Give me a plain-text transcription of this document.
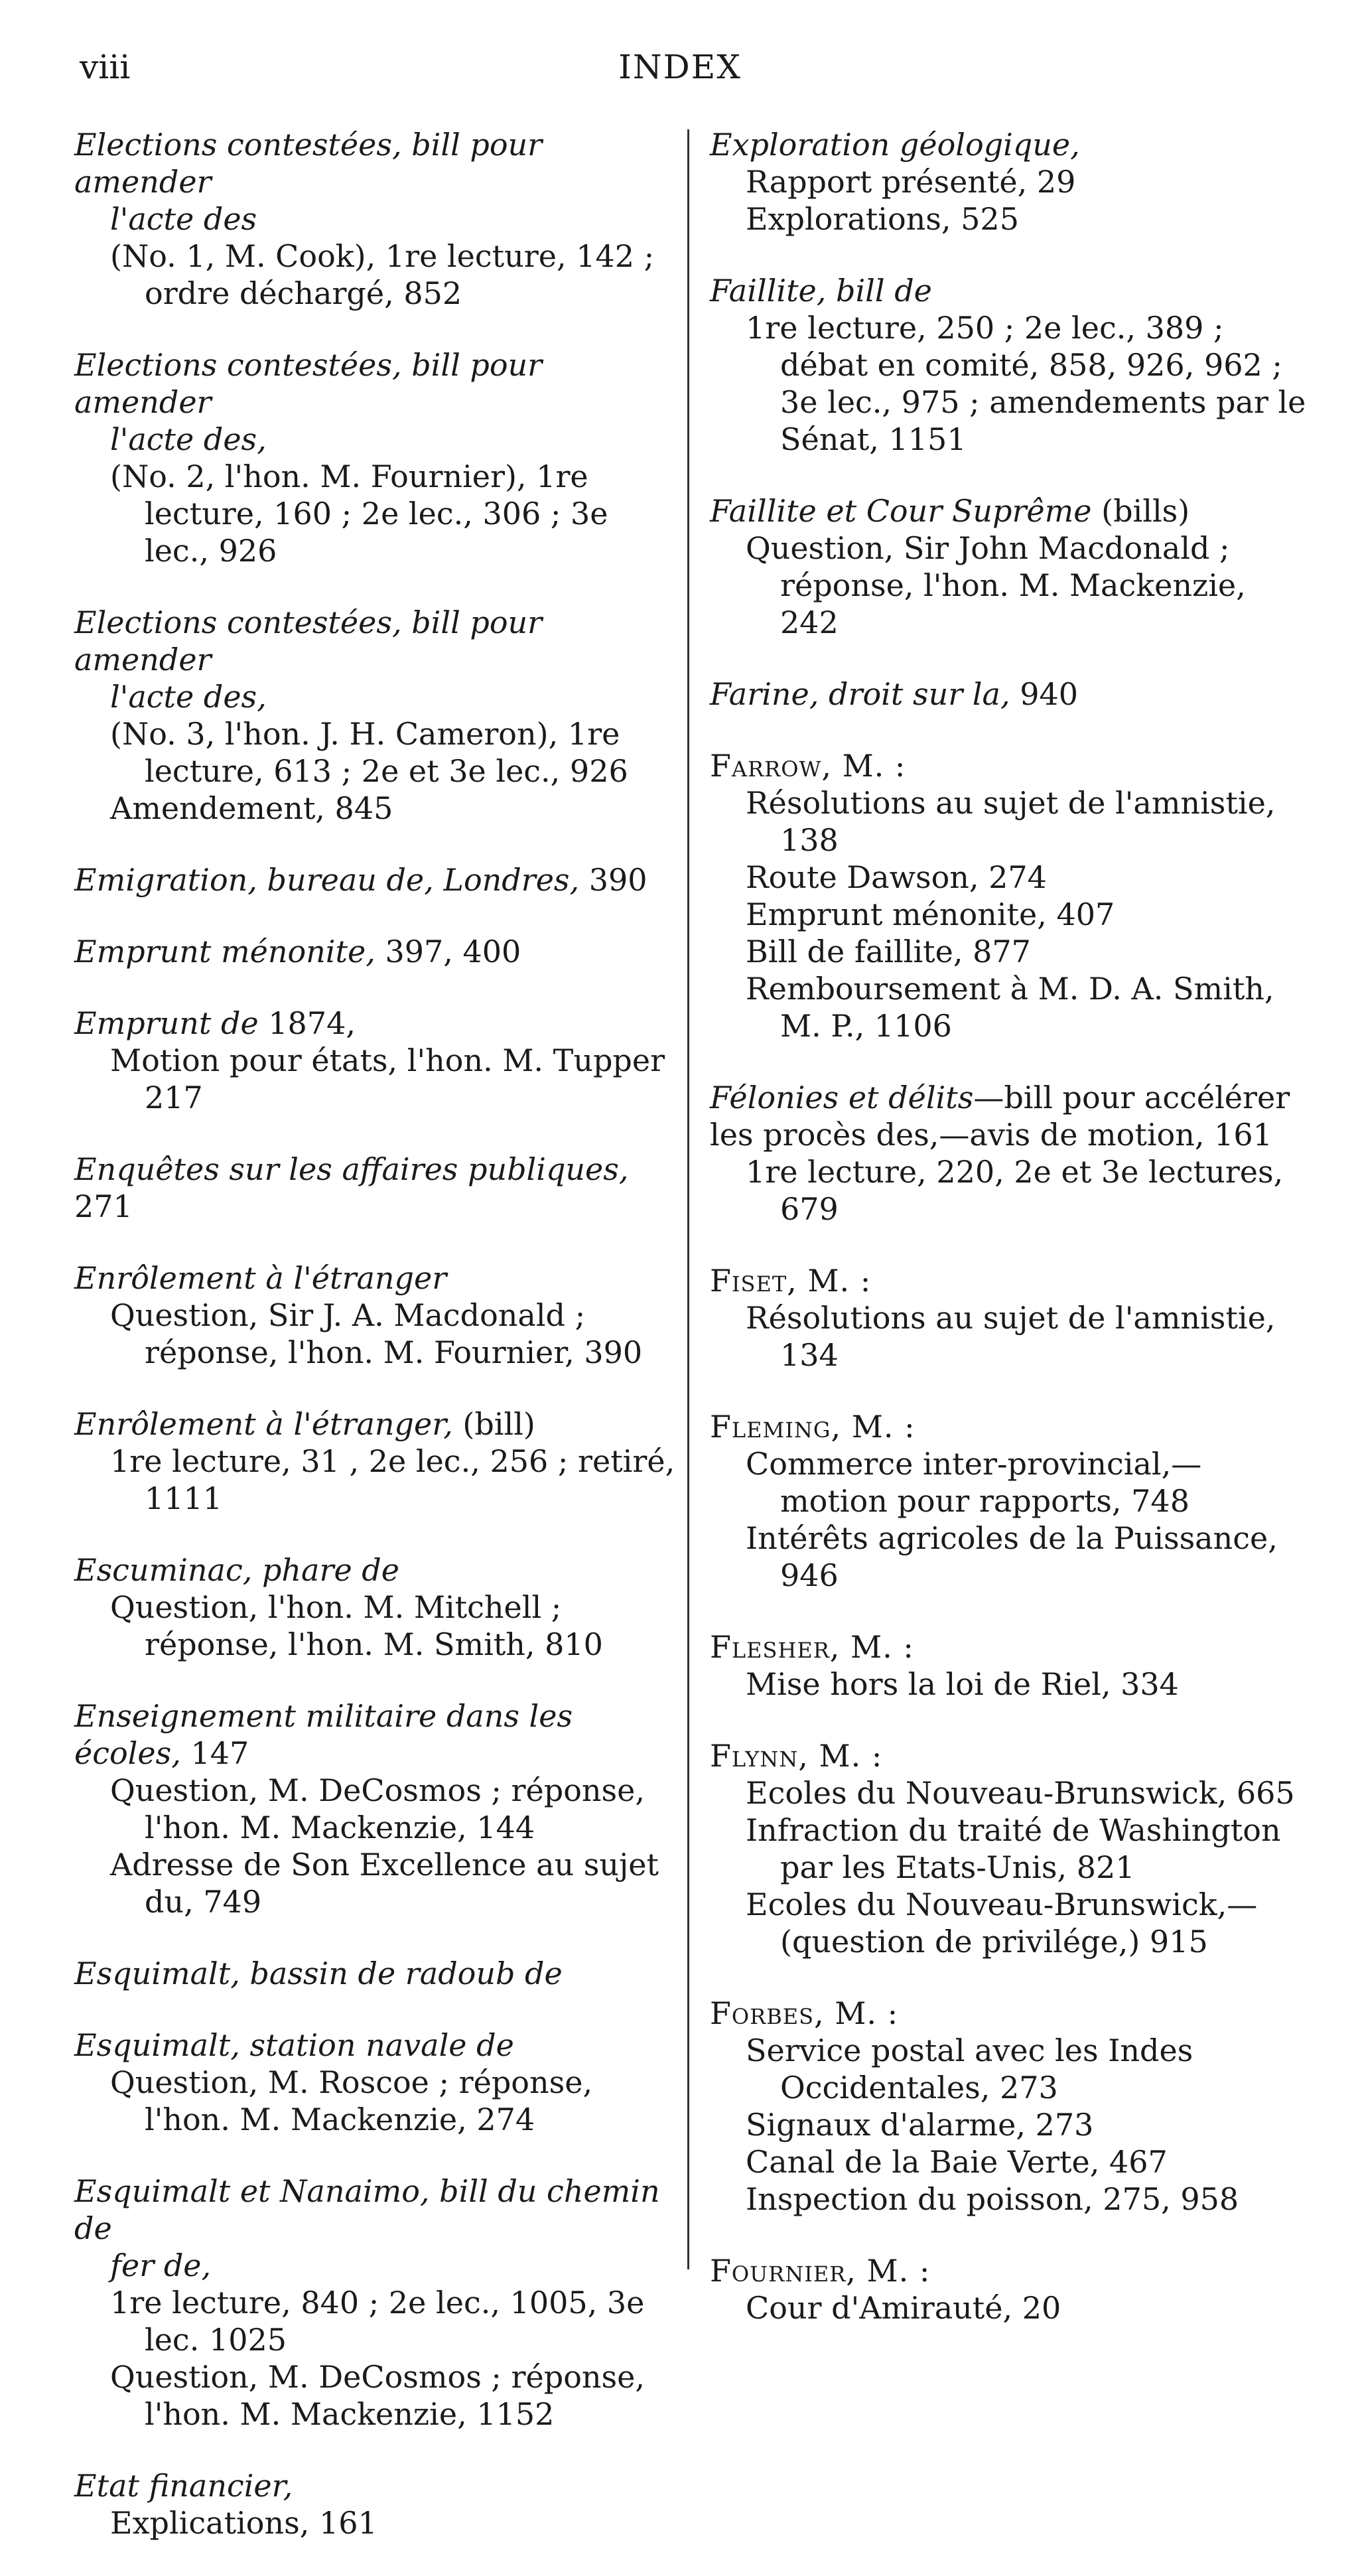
viii	INDEX
Elections contestées, bill pour amender
l'acte des
(No. 1, M. Cook), 1re lecture, 142 ; ordre déchargé, 852
Elections contestées, bill pour amender
l'acte des,
(No. 2, l'hon. M. Fournier), 1re lecture, 160 ; 2e lec., 306 ; 3e lec., 926
Elections contestées, bill pour amender
l'acte des,
(No. 3, l'hon. J. H. Cameron), 1re lecture, 613 ; 2e et 3e lec., 926
Amendement, 845
Emigration, bureau de, Londres, 390
Emprunt ménonite, 397, 400
Emprunt de 1874,
Motion pour états, l'hon. M. Tupper 217
Enquêtes sur les affaires publiques, 271
Enrôlement à l'étranger
Question, Sir J. A. Macdonald ; réponse, l'hon. M. Fournier, 390
Enrôlement à l'étranger, (bill)
1re lecture, 31 , 2e lec., 256 ; retiré, 1111
Escuminac, phare de
Question, l'hon. M. Mitchell ; réponse, l'hon. M. Smith, 810
Enseignement militaire dans les écoles, 147
Question, M. DeCosmos ; réponse, l'hon. M. Mackenzie, 144
Adresse de Son Excellence au sujet du, 749
Esquimalt, bassin de radoub de
Esquimalt, station navale de
Question, M. Roscoe ; réponse, l'hon. M. Mackenzie, 274
Esquimalt et Nanaimo, bill du chemin de
fer de,
1re lecture, 840 ; 2e lec., 1005, 3e lec. 1025
Question, M. DeCosmos ; réponse, l'hon. M. Mackenzie, 1152
Etat financier,
Explications, 161
Exploration géologique,
Rapport présenté, 29
Explorations, 525
Faillite, bill de
1re lecture, 250 ; 2e lec., 389 ; débat en comité, 858, 926, 962 ; 3e lec., 975 ; amendements par le Sénat, 1151
Faillite et Cour Suprême (bills)
Question, Sir John Macdonald ; réponse, l'hon. M. Mackenzie, 242
Farine, droit sur la, 940
Farrow, M. :
Résolutions au sujet de l'amnistie, 138
Route Dawson, 274
Emprunt ménonite, 407
Bill de faillite, 877
Remboursement à M. D. A. Smith, M. P., 1106
Félonies et délits—bill pour accélérer les procès des,—avis de motion, 161
1re lecture, 220, 2e et 3e lectures, 679
Fiset, M. :
Résolutions au sujet de l'amnistie, 134
Fleming, M. :
Commerce inter-provincial,—motion pour rapports, 748
Intérêts agricoles de la Puissance, 946
Flesher, M. :
Mise hors la loi de Riel, 334
Flynn, M. :
Ecoles du Nouveau-Brunswick, 665
Infraction du traité de Washington par les Etats-Unis, 821
Ecoles du Nouveau-Brunswick,—(question de privilége,) 915
Forbes, M. :
Service postal avec les Indes Occidentales, 273
Signaux d'alarme, 273
Canal de la Baie Verte, 467
Inspection du poisson, 275, 958
Fournier, M. :
Cour d'Amirauté, 20
